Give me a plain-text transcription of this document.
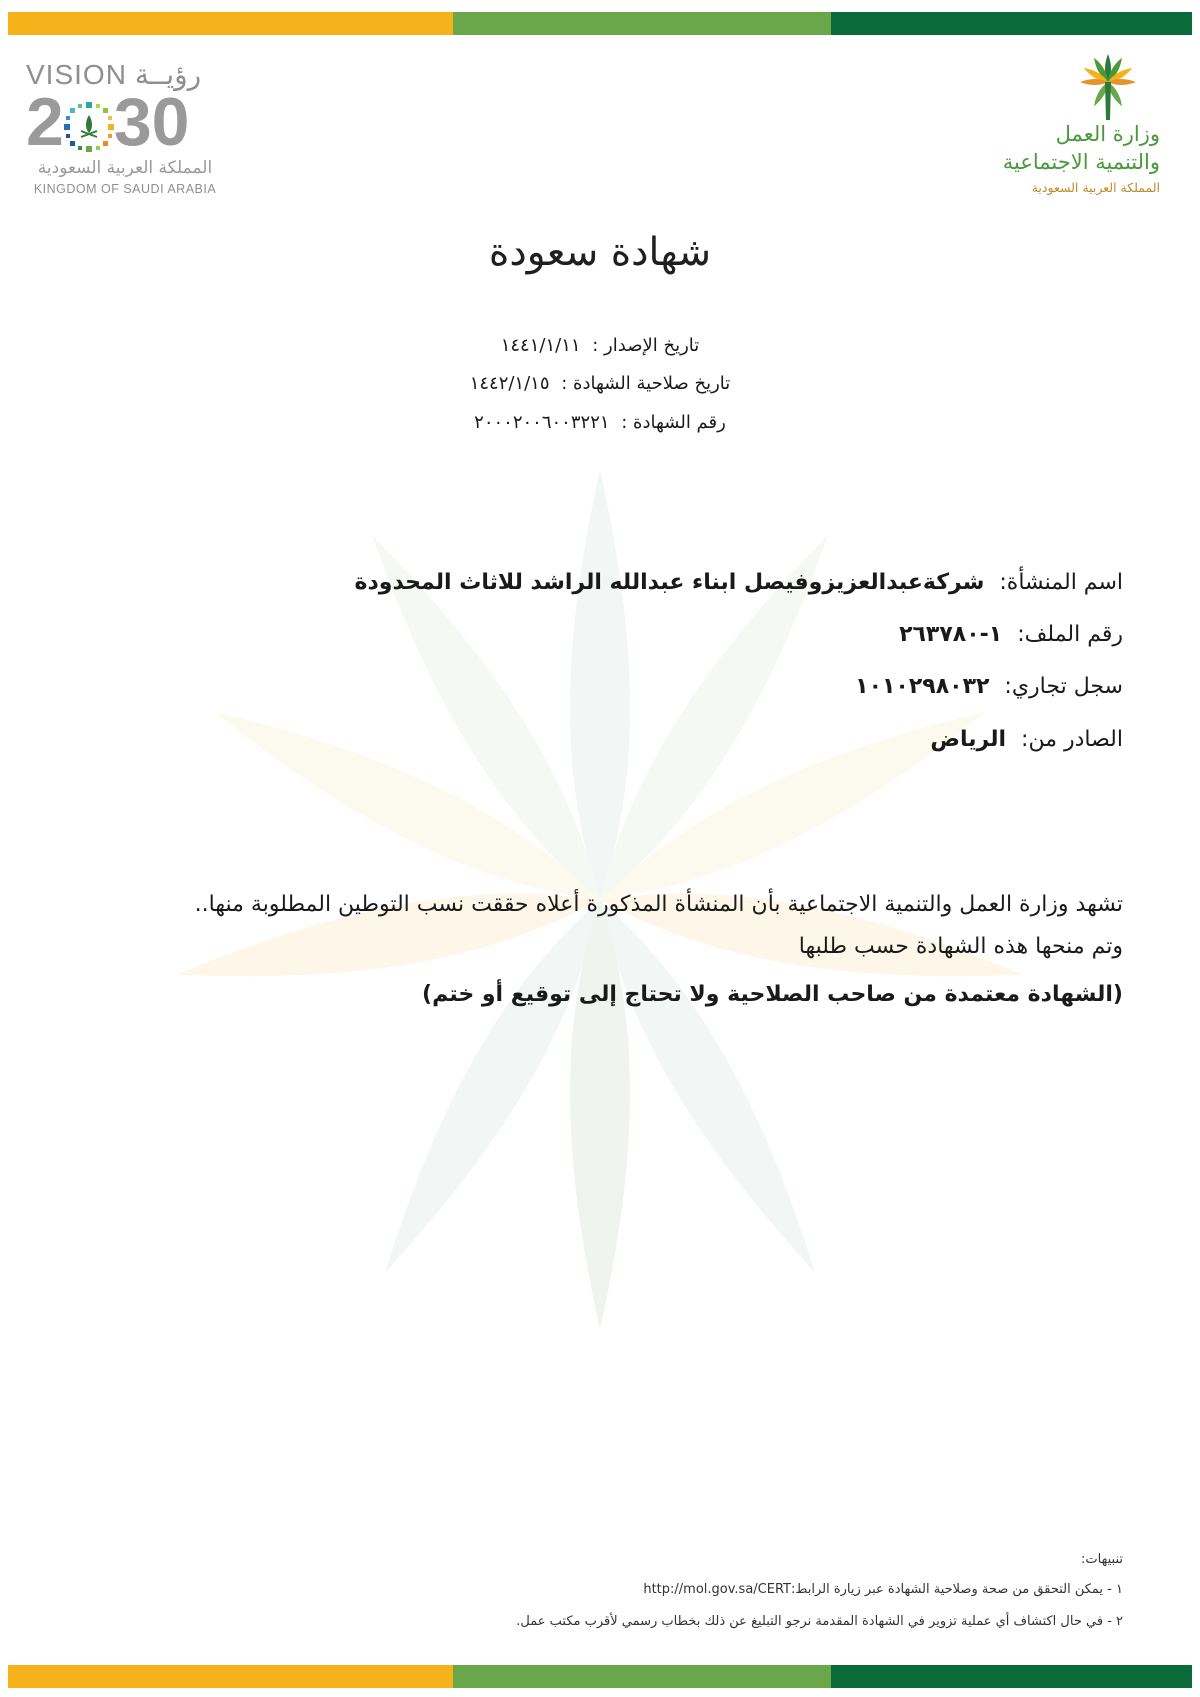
VISION رؤيــة
2 30
المملكة العربية السعودية
KINGDOM OF SAUDI ARABIA
وزارة العمل
والتنمية الاجتماعية
المملكة العربية السعودية
شهادة سعودة
تاريخ الإصدار : ١٤٤١/١/١١
تاريخ صلاحية الشهادة : ١٤٤٢/١/١٥
رقم الشهادة : ٢٠٠٠٢٠٠٦٠٠٣٢٢١
اسم المنشأة: شركةعبدالعزيزوفيصل ابناء عبدالله الراشد للاثاث المحدودة
رقم الملف: ١-٢٦٣٧٨٠
سجل تجاري: ١٠١٠٢٩٨٠٣٢
الصادر من: الرياض
تشهد وزارة العمل والتنمية الاجتماعية بأن المنشأة المذكورة أعلاه حققت نسب التوطين المطلوبة منها..
وتم منحها هذه الشهادة حسب طلبها
(الشهادة معتمدة من صاحب الصلاحية ولا تحتاج إلى توقيع أو ختم)
تنبيهات:
١ - يمكن التحقق من صحة وصلاحية الشهادة عبر زيارة الرابط:http://mol.gov.sa/CERT
٢ - في حال اكتشاف أي عملية تزوير في الشهادة المقدمة نرجو التبليغ عن ذلك بخطاب رسمي لأقرب مكتب عمل.
